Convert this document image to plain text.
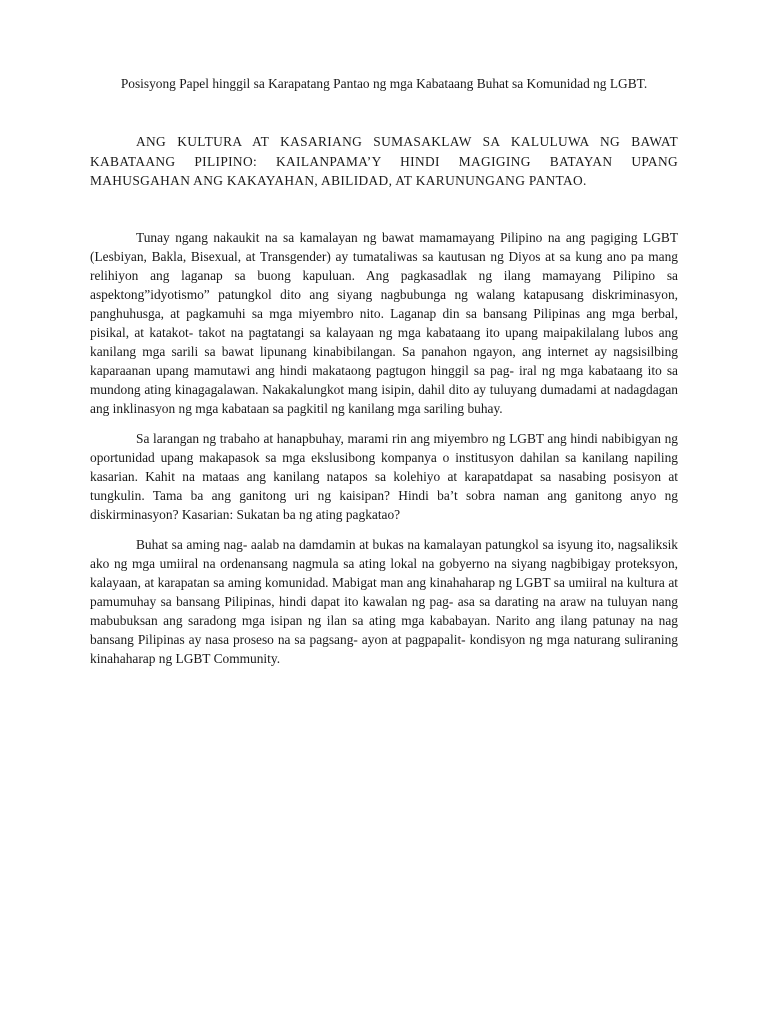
Posisyong Papel hinggil sa Karapatang Pantao ng mga Kabataang Buhat sa Komunidad ng LGBT.
ANG KULTURA AT KASARIANG SUMASAKLAW SA KALULUWA NG BAWAT KABATAANG PILIPINO: KAILANPAMA’Y HINDI MAGIGING BATAYAN UPANG MAHUSGAHAN ANG KAKAYAHAN, ABILIDAD, AT KARUNUNGANG PANTAO.

Tunay ngang nakaukit na sa kamalayan ng bawat mamamayang Pilipino na ang pagiging LGBT (Lesbiyan, Bakla, Bisexual, at Transgender) ay tumataliwas sa kautusan ng Diyos at sa kung ano pa mang relihiyon ang laganap sa buong kapuluan. Ang pagkasadlak ng ilang mamayang Pilipino sa aspektong”idyotismo” patungkol dito ang siyang nagbubunga ng walang katapusang diskriminasyon, panghuhusga, at pagkamuhi sa mga miyembro nito. Laganap din sa bansang Pilipinas ang mga berbal, pisikal, at katakot- takot na pagtatangi sa kalayaan ng mga kabataang ito upang maipakilalang lubos ang kanilang mga sarili sa bawat lipunang kinabibilangan. Sa panahon ngayon, ang internet ay nagsisilbing kaparaanan upang mamutawi ang hindi makataong pagtugon hinggil sa pag- iral ng mga kabataang ito sa mundong ating kinagagalawan. Nakakalungkot mang isipin, dahil dito ay tuluyang dumadami at nadagdagan ang inklinasyon ng mga kabataan sa pagkitil ng kanilang mga sariling buhay.

Sa larangan ng trabaho at hanapbuhay, marami rin ang miyembro ng LGBT ang hindi nabibigyan ng oportunidad upang makapasok sa mga ekslusibong kompanya o institusyon dahilan sa kanilang napiling kasarian. Kahit na mataas ang kanilang natapos sa kolehiyo at karapatdapat sa nasabing posisyon at tungkulin. Tama ba ang ganitong uri ng kaisipan? Hindi ba’t sobra naman ang ganitong anyo ng diskirminasyon? Kasarian: Sukatan ba ng ating pagkatao?

Buhat sa aming nag- aalab na damdamin at bukas na kamalayan patungkol sa isyung ito, nagsaliksik ako ng mga umiiral na ordenansang nagmula sa ating lokal na gobyerno na siyang nagbibigay proteksyon, kalayaan, at karapatan sa aming komunidad. Mabigat man ang kinahaharap ng LGBT sa umiiral na kultura at pamumuhay sa bansang Pilipinas, hindi dapat ito kawalan ng pag- asa sa darating na araw na tuluyan nang mabubuksan ang saradong mga isipan ng ilan sa ating mga kababayan. Narito ang ilang patunay na nag bansang Pilipinas ay nasa proseso na sa pagsang- ayon at pagpapalit- kondisyon ng mga naturang suliraning kinahaharap ng LGBT Community.
